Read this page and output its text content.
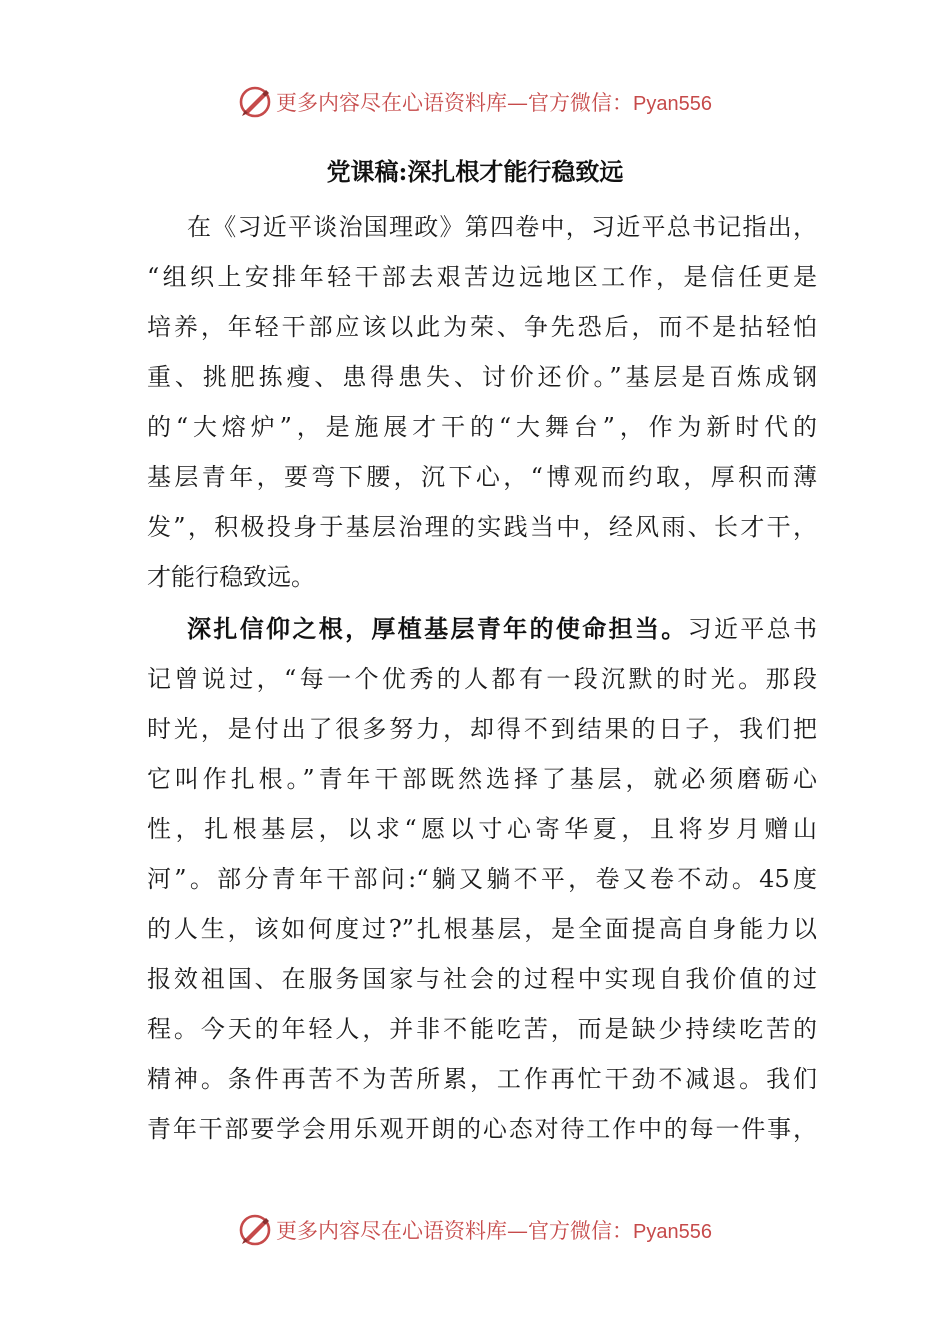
更多内容尽在心语资料库—官方微信：Pyan556
党课稿:深扎根才能行稳致远
在《习近平谈治国理政》第四卷中，习近平总书记指出，
“组织上安排年轻干部去艰苦边远地区工作，是信任更是
培养，年轻干部应该以此为荣、争先恐后，而不是拈轻怕
重、挑肥拣瘦、患得患失、讨价还价。”基层是百炼成钢
的“大熔炉”，是施展才干的“大舞台”，作为新时代的
基层青年，要弯下腰，沉下心，“博观而约取，厚积而薄
发”，积极投身于基层治理的实践当中，经风雨、长才干，
才能行稳致远。
深扎信仰之根，厚植基层青年的使命担当。习近平总书
记曾说过，“每一个优秀的人都有一段沉默的时光。那段
时光，是付出了很多努力，却得不到结果的日子，我们把
它叫作扎根。”青年干部既然选择了基层，就必须磨砺心
性，扎根基层，以求“愿以寸心寄华夏，且将岁月赠山
河”。部分青年干部问:“躺又躺不平，卷又卷不动。45度
的人生，该如何度过?”扎根基层，是全面提高自身能力以
报效祖国、在服务国家与社会的过程中实现自我价值的过
程。今天的年轻人，并非不能吃苦，而是缺少持续吃苦的
精神。条件再苦不为苦所累，工作再忙干劲不减退。我们
青年干部要学会用乐观开朗的心态对待工作中的每一件事，
更多内容尽在心语资料库—官方微信：Pyan556
